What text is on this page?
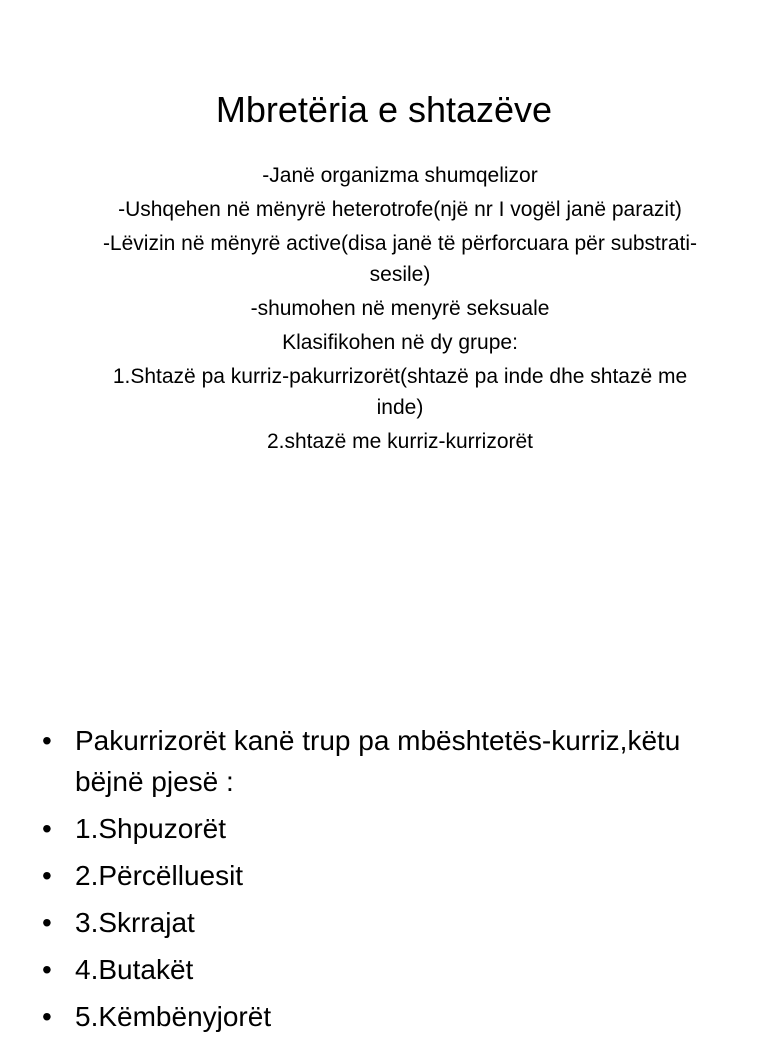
Mbretëria e shtazëve

-Janë organizma shumqelizor

-Ushqehen në mënyrë heterotrofe(një nr I vogël janë parazit)

-Lëvizin në mënyrë active(disa janë të përforcuara për substrati-sesile)

-shumohen në menyrë seksuale

Klasifikohen në dy grupe:

1.Shtazë pa kurriz-pakurrizorët(shtazë pa inde dhe shtazë me inde)

2.shtazë me kurriz-kurrizorët

• Pakurrizorët kanë trup pa mbështetës-kurriz,këtu bëjnë pjesë :
• 1.Shpuzorët
• 2.Përcëlluesit
• 3.Skrrajat
• 4.Butakët
• 5.Këmbënyjorët
